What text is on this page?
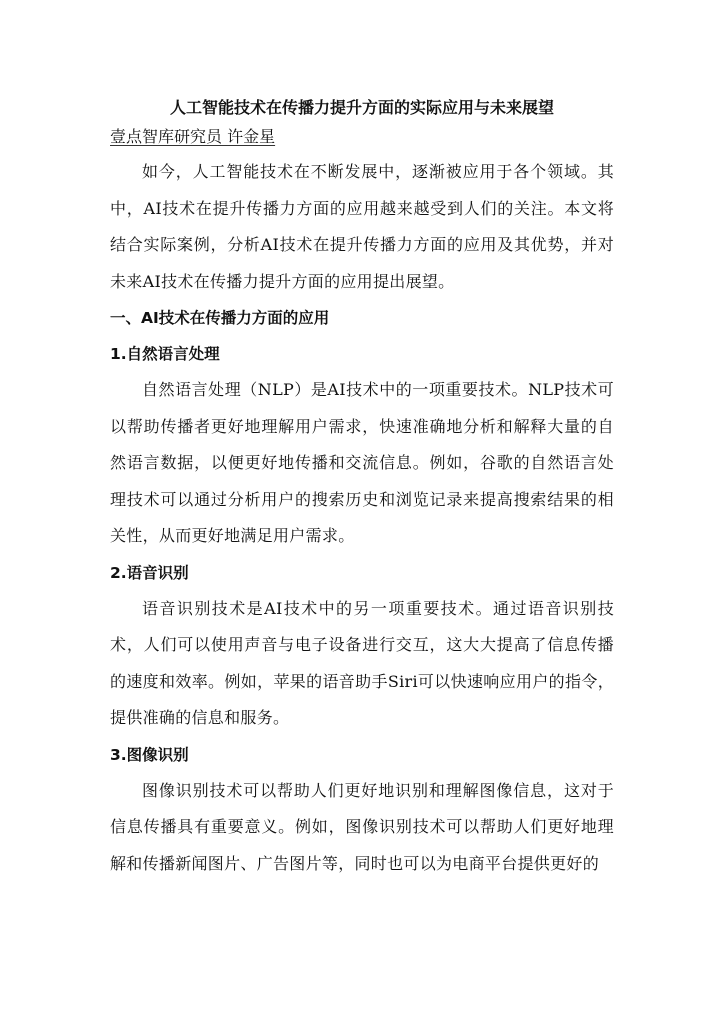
人工智能技术在传播力提升方面的实际应用与未来展望

壹点智库研究员 许金星

如今，人工智能技术在不断发展中，逐渐被应用于各个领域。其中，AI技术在提升传播力方面的应用越来越受到人们的关注。本文将结合实际案例，分析AI技术在提升传播力方面的应用及其优势，并对未来AI技术在传播力提升方面的应用提出展望。

一、AI技术在传播力方面的应用

1.自然语言处理

自然语言处理（NLP）是AI技术中的一项重要技术。NLP技术可以帮助传播者更好地理解用户需求，快速准确地分析和解释大量的自然语言数据，以便更好地传播和交流信息。例如，谷歌的自然语言处理技术可以通过分析用户的搜索历史和浏览记录来提高搜索结果的相关性，从而更好地满足用户需求。

2.语音识别

语音识别技术是AI技术中的另一项重要技术。通过语音识别技术，人们可以使用声音与电子设备进行交互，这大大提高了信息传播的速度和效率。例如，苹果的语音助手Siri可以快速响应用户的指令，提供准确的信息和服务。

3.图像识别

图像识别技术可以帮助人们更好地识别和理解图像信息，这对于信息传播具有重要意义。例如，图像识别技术可以帮助人们更好地理解和传播新闻图片、广告图片等，同时也可以为电商平台提供更好的
